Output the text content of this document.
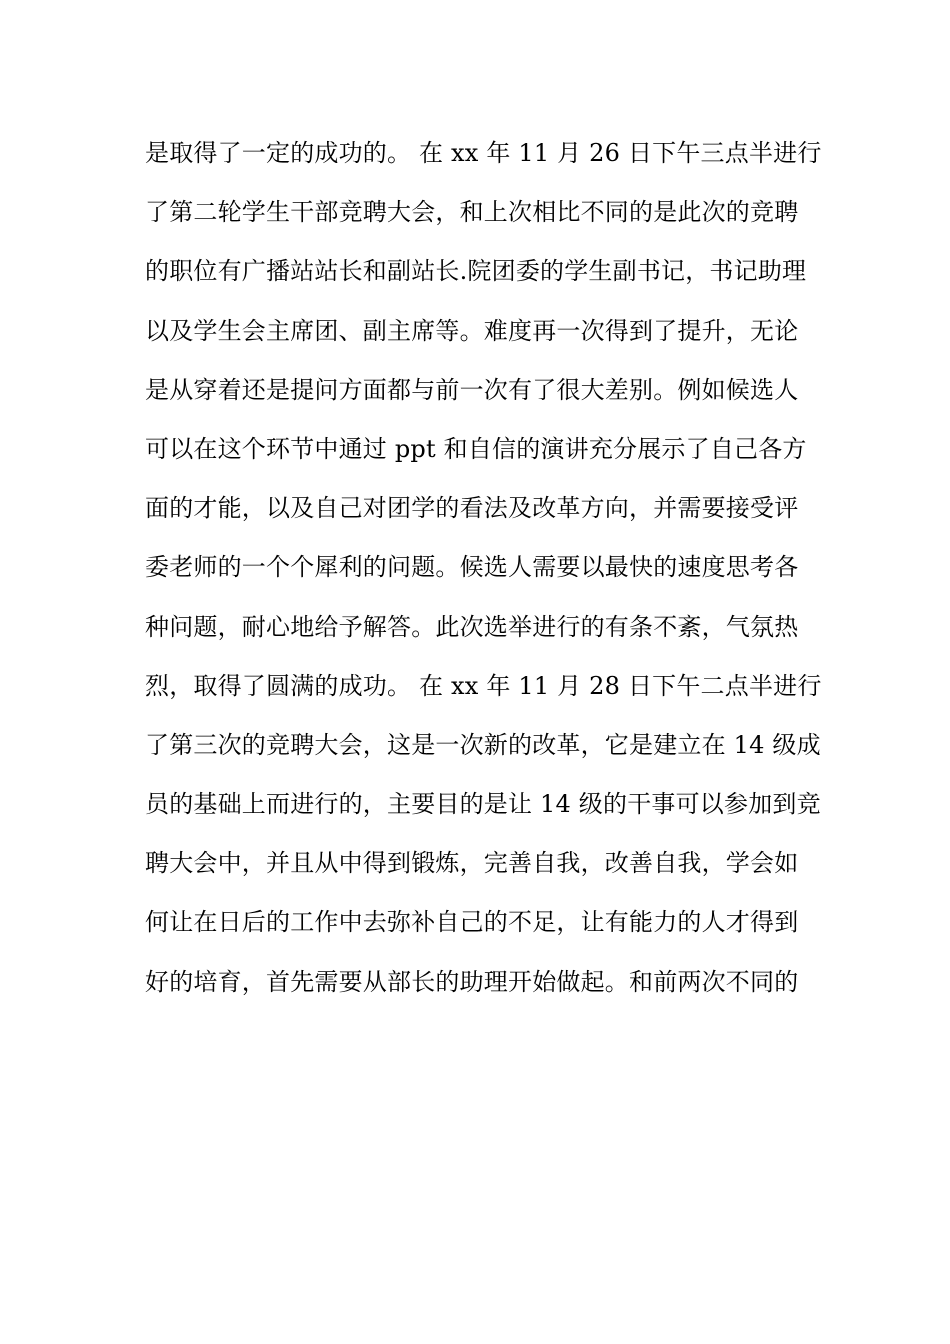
是取得了一定的成功的。 在 xx 年 11 月 26 日下午三点半进行
了第二轮学生干部竞聘大会，和上次相比不同的是此次的竞聘
的职位有广播站站长和副站长.院团委的学生副书记，书记助理
以及学生会主席团、副主席等。难度再一次得到了提升，无论
是从穿着还是提问方面都与前一次有了很大差别。例如候选人
可以在这个环节中通过 ppt 和自信的演讲充分展示了自己各方
面的才能，以及自己对团学的看法及改革方向，并需要接受评
委老师的一个个犀利的问题。候选人需要以最快的速度思考各
种问题，耐心地给予解答。此次选举进行的有条不紊，气氛热
烈，取得了圆满的成功。 在 xx 年 11 月 28 日下午二点半进行
了第三次的竞聘大会，这是一次新的改革，它是建立在 14 级成
员的基础上而进行的，主要目的是让 14 级的干事可以参加到竞
聘大会中，并且从中得到锻炼，完善自我，改善自我，学会如
何让在日后的工作中去弥补自己的不足，让有能力的人才得到
好的培育，首先需要从部长的助理开始做起。和前两次不同的
